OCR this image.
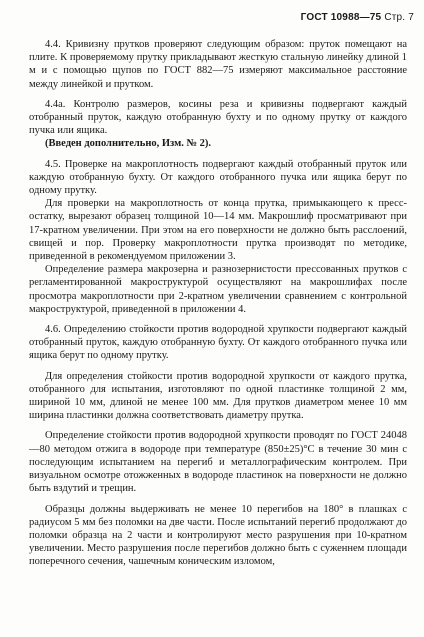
ГОСТ 10988—75 Стр. 7

4.4. Кривизну прутков проверяют следующим образом: пруток помещают на плите. К проверяемому прутку прикладывают жесткую стальную линейку длиной 1 м и с помощью щупов по ГОСТ 882—75 измеряют максимальное расстояние между линейкой и прутком.

4.4а. Контролю размеров, косины реза и кривизны подвергают каждый отобранный пруток, каждую отобранную бухту и по одному прутку от каждого пучка или ящика.

(Введен дополнительно, Изм. № 2).

4.5. Проверке на макроплотность подвергают каждый отобранный пруток или каждую отобранную бухту. От каждого отобранного пучка или ящика берут по одному прутку.

Для проверки на макроплотность от конца прутка, примыкающего к пресс-остатку, вырезают образец толщиной 10—14 мм. Макрошлиф просматривают при 17-кратном увеличении. При этом на его поверхности не должно быть расслоений, свищей и пор. Проверку макроплотности прутка производят по методике, приведенной в рекомендуемом приложении 3.

Определение размера макрозерна и разнозернистости прессованных прутков с регламентированной макроструктурой осуществляют на макрошлифах после просмотра макроплотности при 2-кратном увеличении сравнением с контрольной макроструктурой, приведенной в приложении 4.

4.6. Определению стойкости против водородной хрупкости подвергают каждый отобранный пруток, каждую отобранную бухту. От каждого отобранного пучка или ящика берут по одному прутку.

Для определения стойкости против водородной хрупкости от каждого прутка, отобранного для испытания, изготовляют по одной пластинке толщиной 2 мм, шириной 10 мм, длиной не менее 100 мм. Для прутков диаметром менее 10 мм ширина пластинки должна соответствовать диаметру прутка.

Определение стойкости против водородной хрупкости проводят по ГОСТ 24048—80 методом отжига в водороде при температуре (850±25)°С в течение 30 мин с последующим испытанием на перегиб и металлографическим контролем. При визуальном осмотре отожженных в водороде пластинок на поверхности не должно быть вздутий и трещин.

Образцы должны выдерживать не менее 10 перегибов на 180° в плашках с радиусом 5 мм без поломки на две части. После испытаний перегиб продолжают до поломки образца на 2 части и контролируют место разрушения при 10-кратном увеличении. Место разрушения после перегибов должно быть с суженнем площади поперечного сечения, чашечным коническим изломом,
